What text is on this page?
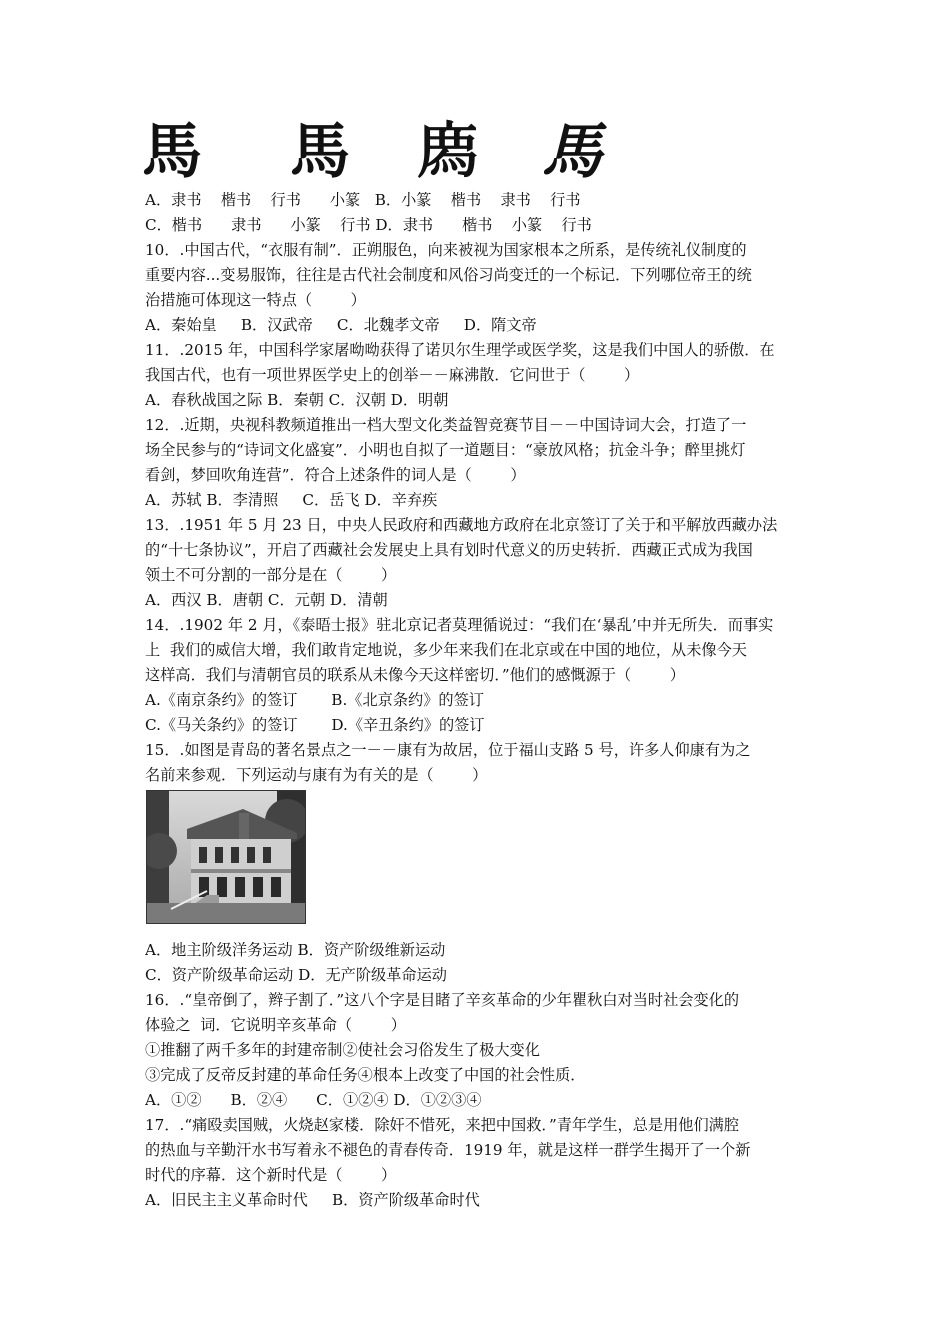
馬 馬 𢊁 馬
A．隶书    楷书    行书      小篆   B．小篆    楷书    隶书    行书
C．楷书      隶书      小篆    行书 D．隶书      楷书    小篆    行书
10．.中国古代，“衣服有制”．正朔服色，向来被视为国家根本之所系，是传统礼仪制度的
重要内容...变易服饰，往往是古代社会制度和风俗习尚变迁的一个标记．下列哪位帝王的统
治措施可体现这一特点（        ）
A．秦始皇     B．汉武帝     C．北魏孝文帝     D．隋文帝
11．.2015 年，中国科学家屠呦呦获得了诺贝尔生理学或医学奖，这是我们中国人的骄傲．在
我国古代，也有一项世界医学史上的创举－－麻沸散．它问世于（        ）
A．春秋战国之际 B．秦朝 C．汉朝 D．明朝
12．.近期，央视科教频道推出一档大型文化类益智竞赛节目－－中国诗词大会，打造了一
场全民参与的“诗词文化盛宴”．小明也自拟了一道题目：“豪放风格；抗金斗争；醉里挑灯
看剑，梦回吹角连营”．符合上述条件的词人是（        ）
A．苏轼 B．李清照     C．岳飞 D．辛弃疾
13．.1951 年 5 月 23 日，中央人民政府和西藏地方政府在北京签订了关于和平解放西藏办法
的“十七条协议”，开启了西藏社会发展史上具有划时代意义的历史转折．西藏正式成为我国
领土不可分割的一部分是在（        ）
A．西汉 B．唐朝 C．元朝 D．清朝
14．.1902 年 2 月，《泰晤士报》驻北京记者莫理循说过：“我们在‘暴乱’中并无所失．而事实
上  我们的威信大增，我们敢肯定地说，多少年来我们在北京或在中国的地位，从未像今天
这样高．我们与清朝官员的联系从未像今天这样密切．”他们的感慨源于（        ）
A.《南京条约》的签订       B.《北京条约》的签订
C.《马关条约》的签订       D.《辛丑条约》的签订
15．.如图是青岛的著名景点之一－－康有为故居，位于福山支路 5 号，许多人仰康有为之
名前来参观．下列运动与康有为有关的是（        ）
A．地主阶级洋务运动 B．资产阶级维新运动
C．资产阶级革命运动 D．无产阶级革命运动
16．.“皇帝倒了，辫子割了．”这八个字是目睹了辛亥革命的少年瞿秋白对当时社会变化的
体验之  词．它说明辛亥革命（        ）
①推翻了两千多年的封建帝制②使社会习俗发生了极大变化
③完成了反帝反封建的革命任务④根本上改变了中国的社会性质．
A．①②      B．②④      C．①②④ D．①②③④
17．.“痛殴卖国贼，火烧赵家楼．除奸不惜死，来把中国救．”青年学生，总是用他们满腔
的热血与辛勤汗水书写着永不褪色的青春传奇．1919 年，就是这样一群学生揭开了一个新
时代的序幕．这个新时代是（        ）
A．旧民主主义革命时代     B．资产阶级革命时代
